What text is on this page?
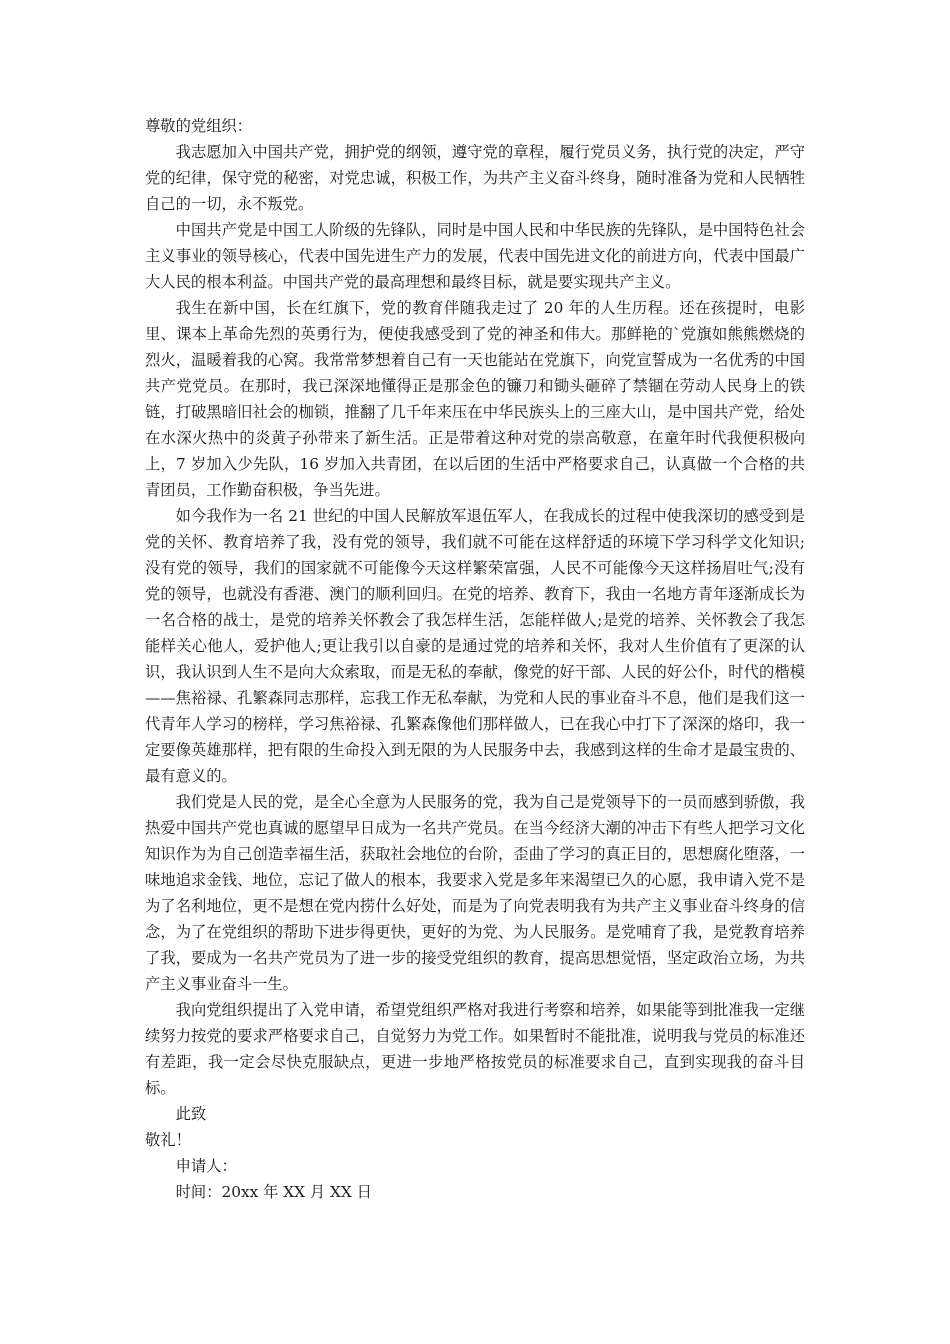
尊敬的党组织：

我志愿加入中国共产党，拥护党的纲领，遵守党的章程，履行党员义务，执行党的决定，严守党的纪律，保守党的秘密，对党忠诚，积极工作，为共产主义奋斗终身，随时准备为党和人民牺牲自己的一切，永不叛党。

中国共产党是中国工人阶级的先锋队，同时是中国人民和中华民族的先锋队，是中国特色社会主义事业的领导核心，代表中国先进生产力的发展，代表中国先进文化的前进方向，代表中国最广大人民的根本利益。中国共产党的最高理想和最终目标，就是要实现共产主义。

我生在新中国，长在红旗下，党的教育伴随我走过了 20 年的人生历程。还在孩提时，电影里、课本上革命先烈的英勇行为，便使我感受到了党的神圣和伟大。那鲜艳的`党旗如熊熊燃烧的烈火，温暖着我的心窝。我常常梦想着自己有一天也能站在党旗下，向党宣誓成为一名优秀的中国共产党党员。在那时，我已深深地懂得正是那金色的镰刀和锄头砸碎了禁锢在劳动人民身上的铁链，打破黑暗旧社会的枷锁，推翻了几千年来压在中华民族头上的三座大山，是中国共产党，给处在水深火热中的炎黄子孙带来了新生活。正是带着这种对党的崇高敬意，在童年时代我便积极向上，7 岁加入少先队，16 岁加入共青团，在以后团的生活中严格要求自己，认真做一个合格的共青团员，工作勤奋积极，争当先进。

如今我作为一名 21 世纪的中国人民解放军退伍军人，在我成长的过程中使我深切的感受到是党的关怀、教育培养了我，没有党的领导，我们就不可能在这样舒适的环境下学习科学文化知识;没有党的领导，我们的国家就不可能像今天这样繁荣富强，人民不可能像今天这样扬眉吐气;没有党的领导，也就没有香港、澳门的顺利回归。在党的培养、教育下，我由一名地方青年逐渐成长为一名合格的战士，是党的培养关怀教会了我怎样生活，怎能样做人;是党的培养、关怀教会了我怎能样关心他人，爱护他人;更让我引以自豪的是通过党的培养和关怀，我对人生价值有了更深的认识，我认识到人生不是向大众索取，而是无私的奉献，像党的好干部、人民的好公仆，时代的楷模——焦裕禄、孔繁森同志那样，忘我工作无私奉献，为党和人民的事业奋斗不息，他们是我们这一代青年人学习的榜样，学习焦裕禄、孔繁森像他们那样做人，已在我心中打下了深深的烙印，我一定要像英雄那样，把有限的生命投入到无限的为人民服务中去，我感到这样的生命才是最宝贵的、最有意义的。

我们党是人民的党，是全心全意为人民服务的党，我为自己是党领导下的一员而感到骄傲，我热爱中国共产党也真诚的愿望早日成为一名共产党员。在当今经济大潮的冲击下有些人把学习文化知识作为为自己创造幸福生活，获取社会地位的台阶，歪曲了学习的真正目的，思想腐化堕落，一味地追求金钱、地位，忘记了做人的根本，我要求入党是多年来渴望已久的心愿，我申请入党不是为了名利地位，更不是想在党内捞什么好处，而是为了向党表明我有为共产主义事业奋斗终身的信念，为了在党组织的帮助下进步得更快，更好的为党、为人民服务。是党哺育了我，是党教育培养了我，要成为一名共产党员为了进一步的接受党组织的教育，提高思想觉悟，坚定政治立场，为共产主义事业奋斗一生。

我向党组织提出了入党申请，希望党组织严格对我进行考察和培养，如果能等到批准我一定继续努力按党的要求严格要求自己，自觉努力为党工作。如果暂时不能批准，说明我与党员的标准还有差距，我一定会尽快克服缺点，更进一步地严格按党员的标准要求自己，直到实现我的奋斗目标。

此致

敬礼！

申请人：

时间：20xx 年 XX 月 XX 日
